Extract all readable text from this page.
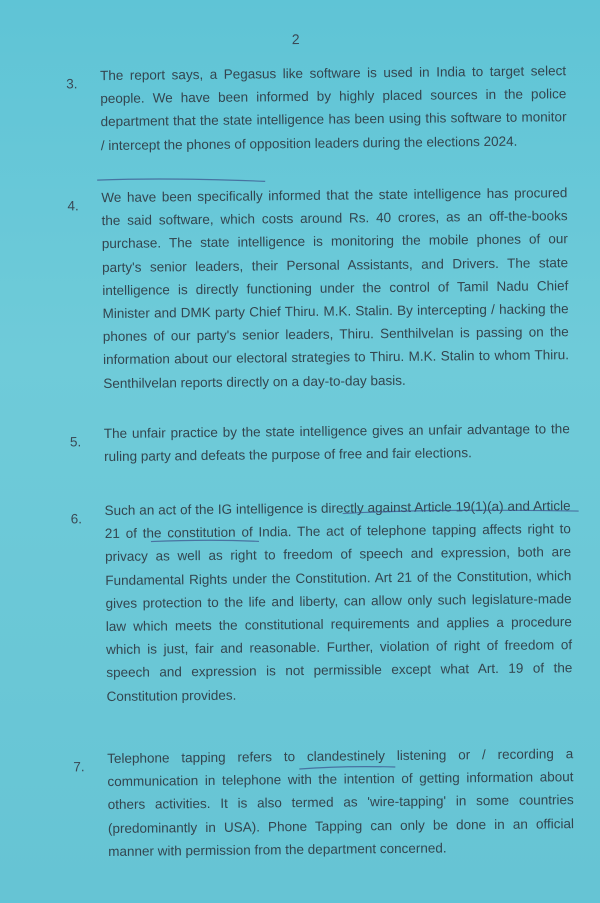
2
3.

The report says, a Pegasus like software is used in India to target select people. We have been informed by highly placed sources in the police department that the state intelligence has been using this software to monitor / intercept the phones of opposition leaders during the elections 2024.

4.

We have been specifically informed that the state intelligence has procured the said software, which costs around Rs. 40 crores, as an off-the-books purchase. The state intelligence is monitoring the mobile phones of our party's senior leaders, their Personal Assistants, and Drivers. The state intelligence is directly functioning under the control of Tamil Nadu Chief Minister and DMK party Chief Thiru. M.K. Stalin. By intercepting / hacking the phones of our party's senior leaders, Thiru. Senthilvelan is passing on the information about our electoral strategies to Thiru. M.K. Stalin to whom Thiru. Senthilvelan reports directly on a day-to-day basis.

5.

The unfair practice by the state intelligence gives an unfair advantage to the ruling party and defeats the purpose of free and fair elections.

6.

Such an act of the IG intelligence is directly against Article 19(1)(a) and Article 21 of the constitution of India. The act of telephone tapping affects right to privacy as well as right to freedom of speech and expression, both are Fundamental Rights under the Constitution. Art 21 of the Constitution, which gives protection to the life and liberty, can allow only such legislature-made law which meets the constitutional requirements and applies a procedure which is just, fair and reasonable. Further, violation of right of freedom of speech and expression is not permissible except what Art. 19 of the Constitution provides.

7.

Telephone tapping refers to clandestinely listening or / recording a communication in telephone with the intention of getting information about others activities. It is also termed as 'wire-tapping' in some countries (predominantly in USA). Phone Tapping can only be done in an official manner with permission from the department concerned.
